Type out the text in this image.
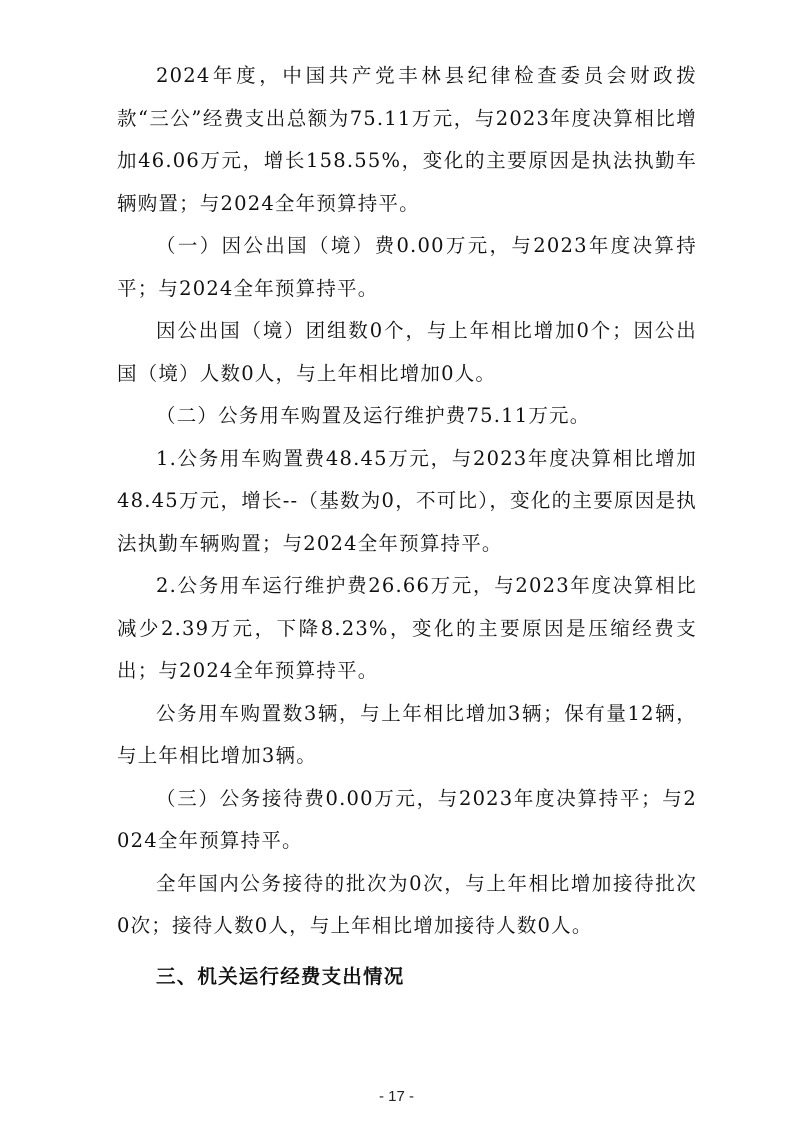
2024年度，中国共产党丰林县纪律检查委员会财政拨款“三公”经费支出总额为75.11万元，与2023年度决算相比增加46.06万元，增长158.55%，变化的主要原因是执法执勤车辆购置；与2024全年预算持平。

（一）因公出国（境）费0.00万元，与2023年度决算持平；与2024全年预算持平。

因公出国（境）团组数0个，与上年相比增加0个；因公出国（境）人数0人，与上年相比增加0人。

（二）公务用车购置及运行维护费75.11万元。

1.公务用车购置费48.45万元，与2023年度决算相比增加48.45万元，增长--（基数为0，不可比），变化的主要原因是执法执勤车辆购置；与2024全年预算持平。

2.公务用车运行维护费26.66万元，与2023年度决算相比减少2.39万元，下降8.23%，变化的主要原因是压缩经费支出；与2024全年预算持平。

公务用车购置数3辆，与上年相比增加3辆；保有量12辆，与上年相比增加3辆。

（三）公务接待费0.00万元，与2023年度决算持平；与2024全年预算持平。

全年国内公务接待的批次为0次，与上年相比增加接待批次0次；接待人数0人，与上年相比增加接待人数0人。

三、机关运行经费支出情况

- 17 -
